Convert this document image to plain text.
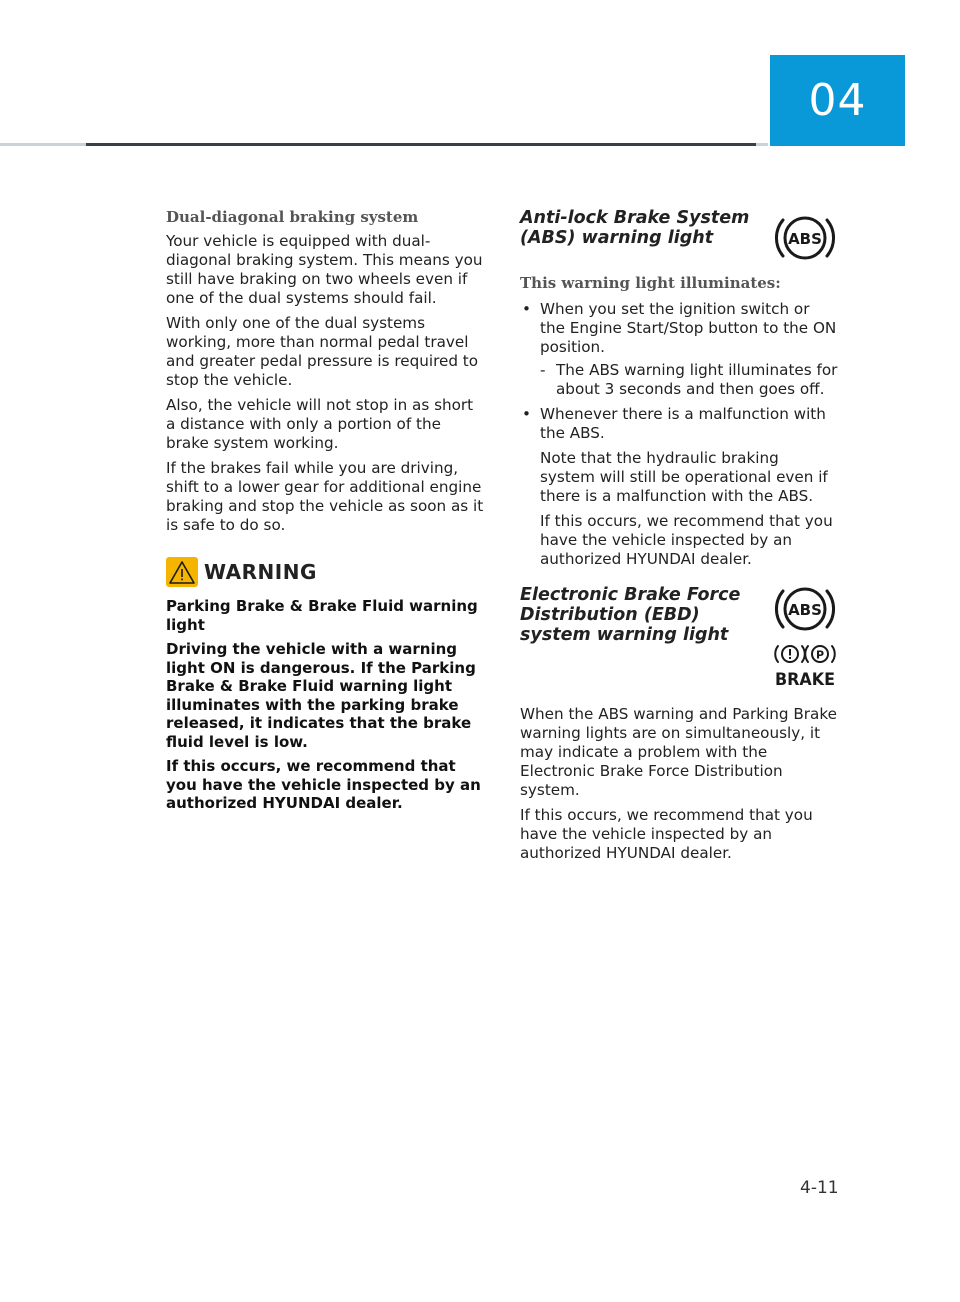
04
Dual-diagonal braking system

Your vehicle is equipped with dual-diagonal braking system. This means you still have braking on two wheels even if one of the dual systems should fail.

With only one of the dual systems working, more than normal pedal travel and greater pedal pressure is required to stop the vehicle.

Also, the vehicle will not stop in as short a distance with only a portion of the brake system working.

If the brakes fail while you are driving, shift to a lower gear for additional engine braking and stop the vehicle as soon as it is safe to do so.

WARNING

Parking Brake & Brake Fluid warning light

Driving the vehicle with a warning light ON is dangerous. If the Parking Brake & Brake Fluid warning light illuminates with the parking brake released, it indicates that the brake fluid level is low.

If this occurs, we recommend that you have the vehicle inspected by an authorized HYUNDAI dealer.

Anti-lock Brake System (ABS) warning light	ABS
This warning light illuminates:
• When you set the ignition switch or the Engine Start/Stop button to the ON position.
- The ABS warning light illuminates for about 3 seconds and then goes off.
• Whenever there is a malfunction with the ABS.
Note that the hydraulic braking system will still be operational even if there is a malfunction with the ABS.
If this occurs, we recommend that you have the vehicle inspected by an authorized HYUNDAI dealer.
Electronic Brake Force Distribution (EBD) system warning light
ABS
P
BRAKE

When the ABS warning and Parking Brake warning lights are on simultaneously, it may indicate a problem with the Electronic Brake Force Distribution system.

If this occurs, we recommend that you have the vehicle inspected by an authorized HYUNDAI dealer.

4-11
